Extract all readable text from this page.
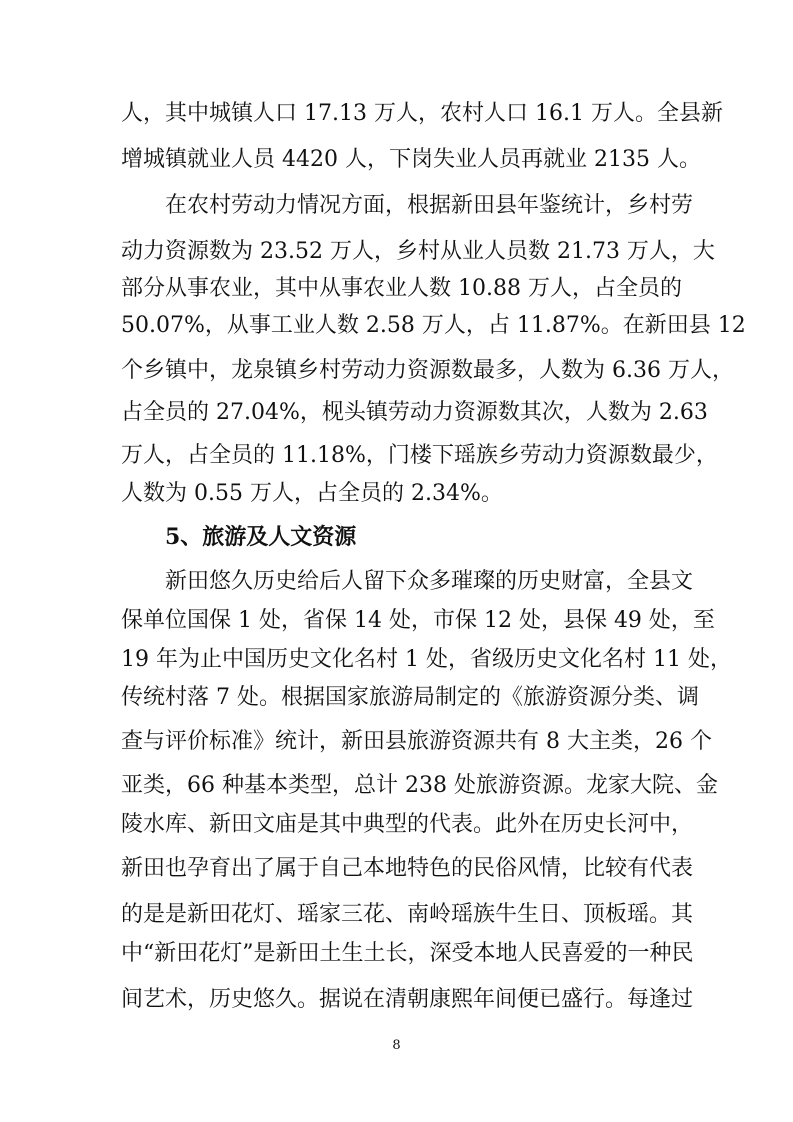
人，其中城镇人口 17.13 万人，农村人口 16.1 万人。全县新
增城镇就业人员 4420 人，下岗失业人员再就业 2135 人。
在农村劳动力情况方面，根据新田县年鉴统计，乡村劳
动力资源数为 23.52 万人，乡村从业人员数 21.73 万人，大
部分从事农业，其中从事农业人数 10.88 万人，占全员的
50.07%，从事工业人数 2.58 万人，占 11.87%。在新田县 12
个乡镇中，龙泉镇乡村劳动力资源数最多，人数为 6.36 万人，
占全员的 27.04%，枧头镇劳动力资源数其次，人数为 2.63
万人，占全员的 11.18%，门楼下瑶族乡劳动力资源数最少，
人数为 0.55 万人，占全员的 2.34%。
5、旅游及人文资源
新田悠久历史给后人留下众多璀璨的历史财富，全县文
保单位国保 1 处，省保 14 处，市保 12 处，县保 49 处，至
19 年为止中国历史文化名村 1 处，省级历史文化名村 11 处，
传统村落 7 处。根据国家旅游局制定的《旅游资源分类、调
查与评价标准》统计，新田县旅游资源共有 8 大主类，26 个
亚类，66 种基本类型，总计 238 处旅游资源。龙家大院、金
陵水库、新田文庙是其中典型的代表。此外在历史长河中，
新田也孕育出了属于自己本地特色的民俗风情，比较有代表
的是是新田花灯、瑶家三花、南岭瑶族牛生日、顶板瑶。其
中“新田花灯”是新田土生土长，深受本地人民喜爱的一种民
间艺术，历史悠久。据说在清朝康熙年间便已盛行。每逢过
8
